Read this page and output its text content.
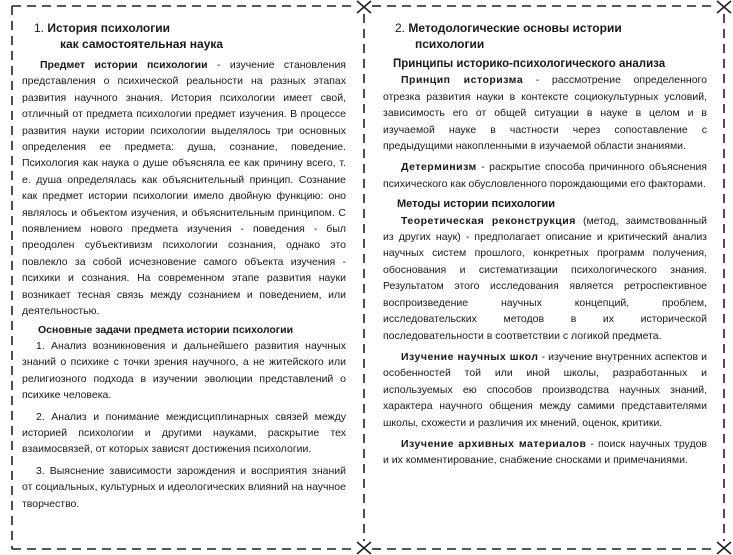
1. История психологии
как самостоятельная наука

Предмет истории психологии - изучение становления представления о психической реальности на разных этапах развития научного знания. История психологии имеет свой, отличный от предмета психологии предмет изучения. В процессе развития науки истории психологии выделялось три основных определения ее предмета: душа, сознание, поведение. Психология как наука о душе объясняла ее как причину всего, т. е. душа определялась как объяснительный принцип. Сознание как предмет истории психологии имело двойную функцию: оно являлось и объектом изучения, и объяснительным принципом. С появлением нового предмета изучения - поведения - был преодолен субъективизм психологии сознания, однако это повлекло за собой исчезновение самого объекта изучения - психики и сознания. На современном этапе развития науки возникает тесная связь между сознанием и поведением, или деятельностью.

Основные задачи предмета истории психологии

1. Анализ возникновения и дальнейшего развития научных знаний о психике с точки зрения научного, а не житейского или религиозного подхода в изучении эволюции представлений о психике человека.

2. Анализ и понимание междисциплинарных связей между историей психологии и другими науками, раскрытие тех взаимосвязей, от которых зависят достижения психологии.

3. Выяснение зависимости зарождения и восприятия знаний от социальных, культурных и идеологических влияний на научное творчество.

2. Методологические основы истории
психологии

Принципы историко-психологического анализа

Принцип историзма - рассмотрение определенного отрезка развития науки в контексте социокультурных условий, зависимость его от общей ситуации в науке в целом и в изучаемой науке в частности через сопоставление с предыдущими накопленными в изучаемой области знаниями.

Детерминизм - раскрытие способа причинного объяснения психического как обусловленного порождающими его факторами.

Методы истории психологии

Теоретическая реконструкция (метод, заимствованный из других наук) - предполагает описание и критический анализ научных систем прошлого, конкретных программ получения, обоснования и систематизации психологического знания. Результатом этого исследования является ретроспективное воспроизведение научных концепций, проблем, исследовательских методов в их исторической последовательности в соответствии с логикой предмета.

Изучение научных школ - изучение внутренних аспектов и особенностей той или иной школы, разработанных и используемых ею способов производства научных знаний, характера научного общения между самими представителями школы, схожести и различия их мнений, оценок, критики.

Изучение архивных материалов - поиск научных трудов и их комментирование, снабжение сносками и примечаниями.
